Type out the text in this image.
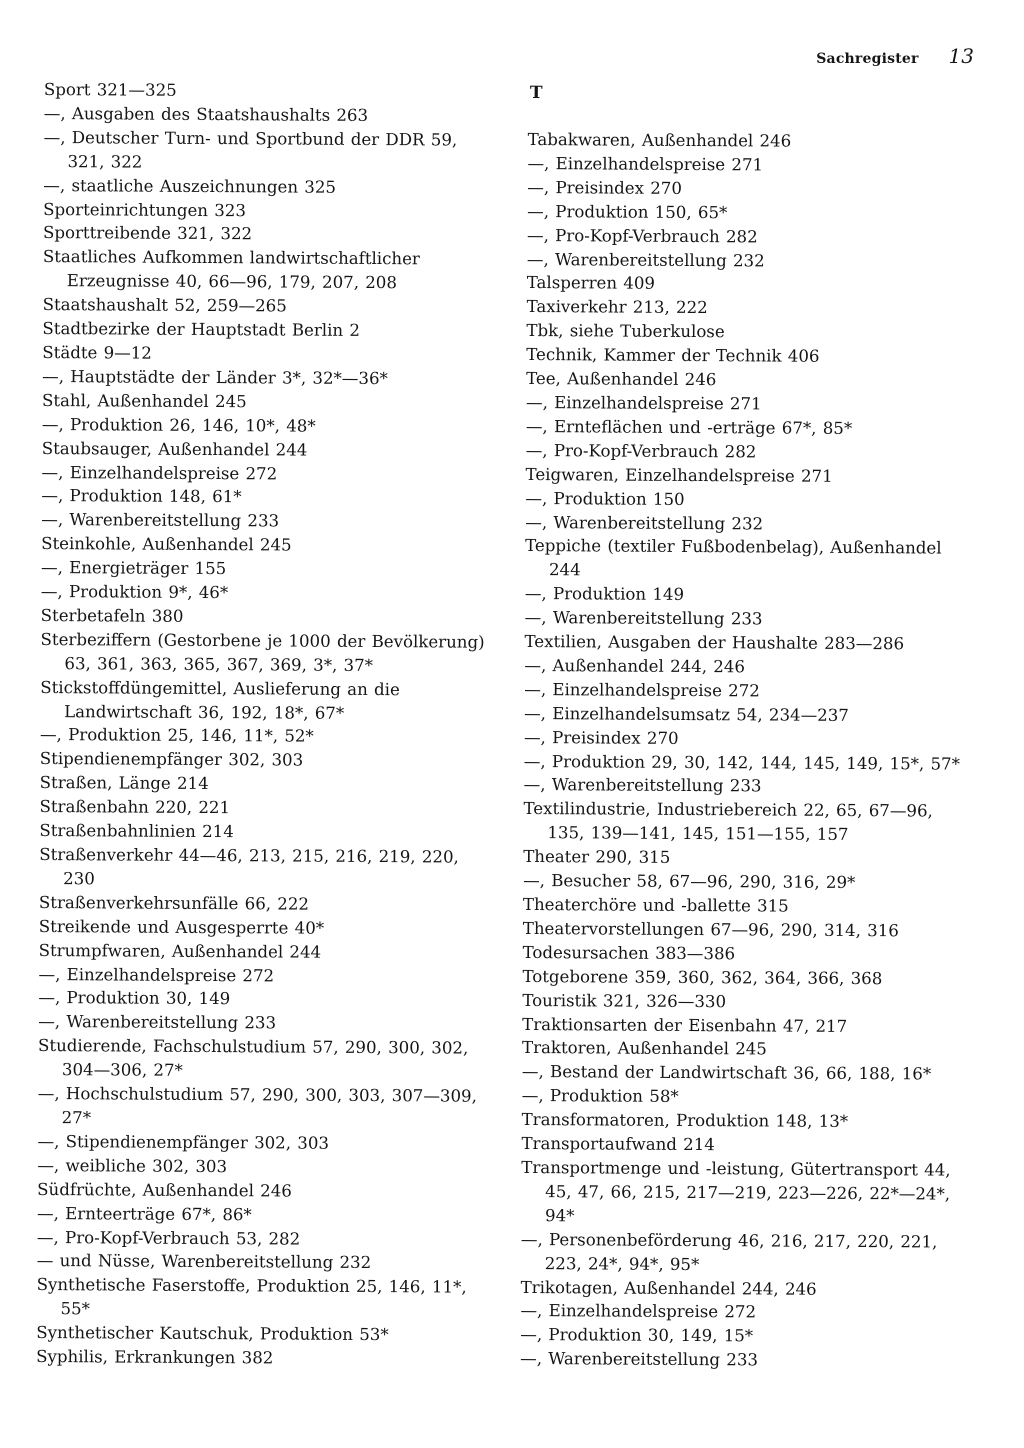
Sachregister 13
Sport 321—325
—, Ausgaben des Staatshaushalts 263
—, Deutscher Turn- und Sportbund der DDR 59, 321, 322
—, staatliche Auszeichnungen 325
Sporteinrichtungen 323
Sporttreibende 321, 322
Staatliches Aufkommen landwirtschaftlicher Erzeugnisse 40, 66—96, 179, 207, 208
Staatshaushalt 52, 259—265
Stadtbezirke der Hauptstadt Berlin 2
Städte 9—12
—, Hauptstädte der Länder 3*, 32*—36*
Stahl, Außenhandel 245
—, Produktion 26, 146, 10*, 48*
Staubsauger, Außenhandel 244
—, Einzelhandelspreise 272
—, Produktion 148, 61*
—, Warenbereitstellung 233
Steinkohle, Außenhandel 245
—, Energieträger 155
—, Produktion 9*, 46*
Sterbetafeln 380
Sterbeziffern (Gestorbene je 1000 der Bevölkerung) 63, 361, 363, 365, 367, 369, 3*, 37*
Stickstoffdüngemittel, Auslieferung an die Landwirtschaft 36, 192, 18*, 67*
—, Produktion 25, 146, 11*, 52*
Stipendienempfänger 302, 303
Straßen, Länge 214
Straßenbahn 220, 221
Straßenbahnlinien 214
Straßenverkehr 44—46, 213, 215, 216, 219, 220, 230
Straßenverkehrsunfälle 66, 222
Streikende und Ausgesperrte 40*
Strumpfwaren, Außenhandel 244
—, Einzelhandelspreise 272
—, Produktion 30, 149
—, Warenbereitstellung 233
Studierende, Fachschulstudium 57, 290, 300, 302, 304—306, 27*
—, Hochschulstudium 57, 290, 300, 303, 307—309, 27*
—, Stipendienempfänger 302, 303
—, weibliche 302, 303
Südfrüchte, Außenhandel 246
—, Ernteerträge 67*, 86*
—, Pro-Kopf-Verbrauch 53, 282
— und Nüsse, Warenbereitstellung 232
Synthetische Faserstoffe, Produktion 25, 146, 11*, 55*
Synthetischer Kautschuk, Produktion 53*
Syphilis, Erkrankungen 382
T
Tabakwaren, Außenhandel 246
—, Einzelhandelspreise 271
—, Preisindex 270
—, Produktion 150, 65*
—, Pro-Kopf-Verbrauch 282
—, Warenbereitstellung 232
Talsperren 409
Taxiverkehr 213, 222
Tbk, siehe Tuberkulose
Technik, Kammer der Technik 406
Tee, Außenhandel 246
—, Einzelhandelspreise 271
—, Ernteflächen und -erträge 67*, 85*
—, Pro-Kopf-Verbrauch 282
Teigwaren, Einzelhandelspreise 271
—, Produktion 150
—, Warenbereitstellung 232
Teppiche (textiler Fußbodenbelag), Außenhandel 244
—, Produktion 149
—, Warenbereitstellung 233
Textilien, Ausgaben der Haushalte 283—286
—, Außenhandel 244, 246
—, Einzelhandelspreise 272
—, Einzelhandelsumsatz 54, 234—237
—, Preisindex 270
—, Produktion 29, 30, 142, 144, 145, 149, 15*, 57*
—, Warenbereitstellung 233
Textilindustrie, Industriebereich 22, 65, 67—96, 135, 139—141, 145, 151—155, 157
Theater 290, 315
—, Besucher 58, 67—96, 290, 316, 29*
Theaterchöre und -ballette 315
Theatervorstellungen 67—96, 290, 314, 316
Todesursachen 383—386
Totgeborene 359, 360, 362, 364, 366, 368
Touristik 321, 326—330
Traktionsarten der Eisenbahn 47, 217
Traktoren, Außenhandel 245
—, Bestand der Landwirtschaft 36, 66, 188, 16*
—, Produktion 58*
Transformatoren, Produktion 148, 13*
Transportaufwand 214
Transportmenge und -leistung, Gütertransport 44, 45, 47, 66, 215, 217—219, 223—226, 22*—24*, 94*
—, Personenbeförderung 46, 216, 217, 220, 221, 223, 24*, 94*, 95*
Trikotagen, Außenhandel 244, 246
—, Einzelhandelspreise 272
—, Produktion 30, 149, 15*
—, Warenbereitstellung 233
